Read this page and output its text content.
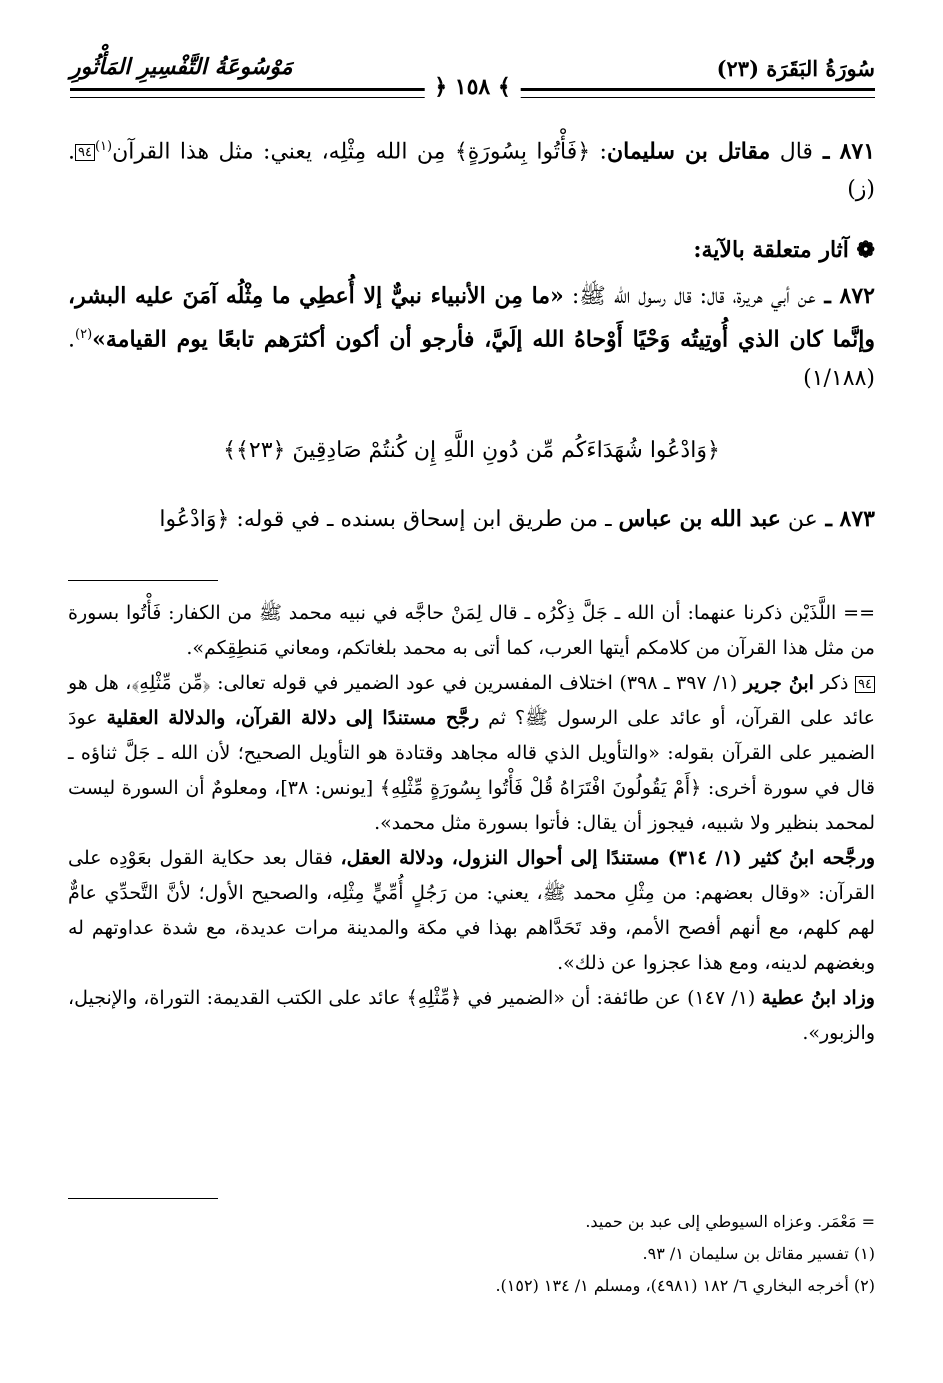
سُورَةُ البَقَرَة (٢٣)
﴾ ١٥٨ ﴿
مَوْسُوعَةُ التَّفْسِيرِ المَأْثُورِ

٨٧١ ـ قال مقاتل بن سليمان: ﴿فَأْتُوا بِسُورَةٍ﴾ مِن الله مِثْلِه، يعني: مثل هذا القرآن$^{(١)}$٩٤. (ز)

❁ آثار متعلقة بالآية:

٨٧٢ ـ عن أبي هريرة، قال: قال رسول الله ﷺ: «ما مِن الأنبياء نبيٌّ إلا أُعطِي ما مِثْلُه آمَنَ عليه البشر، وإنَّما كان الذي أُوتِيتُه وَحْيًا أَوْحاهُ الله إلَيَّ، فأرجو أن أكون أكثرَهم تابعًا يوم القيامة»$^{(٢)}$. (١/١٨٨)

﴿وَادْعُوا شُهَدَاءَكُم مِّن دُونِ اللَّهِ إِن كُنتُمْ صَادِقِينَ ﴿٢٣﴾﴾

٨٧٣ ـ عن عبد الله بن عباس ـ من طريق ابن إسحاق بسنده ـ في قوله: ﴿وَادْعُوا

== اللَّذَيْن ذكرنا عنهما: أن الله ـ جَلَّ ذِكْرُه ـ قال لِمَنْ حاجَّه في نبيه محمد ﷺ من الكفار: فَأْتُوا بسورة من مثل هذا القرآن من كلامكم أيتها العرب، كما أتى به محمد بلغاتكم، ومعاني مَنطِقِكم».

٩٤ ذكر ابنُ جرير (١/ ٣٩٧ ـ ٣٩٨) اختلاف المفسرين في عود الضمير في قوله تعالى: ﴿مِّن مِّثْلِهِ﴾، هل هو عائد على القرآن، أو عائد على الرسول ﷺ؟ ثم رجَّح مستندًا إلى دلالة القرآن، والدلالة العقلية عودَ الضمير على القرآن بقوله: «والتأويل الذي قاله مجاهد وقتادة هو التأويل الصحيح؛ لأن الله ـ جَلَّ ثناؤه ـ قال في سورة أخرى: ﴿أَمْ يَقُولُونَ افْتَرَاهُ قُلْ فَأْتُوا بِسُورَةٍ مِّثْلِهِ﴾ [يونس: ٣٨]، ومعلومٌ أن السورة ليست لمحمد بنظير ولا شبيه، فيجوز أن يقال: فأتوا بسورة مثل محمد».

ورجَّحه ابنُ كثير (١/ ٣١٤) مستندًا إلى أحوال النزول، ودلالة العقل، فقال بعد حكاية القول بعَوْدِه على القرآن: «وقال بعضهم: من مِثْلِ محمد ﷺ، يعني: من رَجُلٍ أُمِّيٍّ مِثْلِه، والصحيح الأول؛ لأنَّ التَّحدِّي عامٌّ لهم كلهم، مع أنهم أفصح الأمم، وقد تَحَدَّاهم بهذا في مكة والمدينة مرات عديدة، مع شدة عداوتهم له وبغضهم لدينه، ومع هذا عجزوا عن ذلك».

وزاد ابنُ عطية (١/ ١٤٧) عن طائفة: أن «الضمير في ﴿مِّثْلِهِ﴾ عائد على الكتب القديمة: التوراة، والإنجيل، والزبور».

= مَعْمَر. وعزاه السيوطي إلى عبد بن حميد.

(١) تفسير مقاتل بن سليمان ١/ ٩٣.

(٢) أخرجه البخاري ٦/ ١٨٢ (٤٩٨١)، ومسلم ١/ ١٣٤ (١٥٢).
